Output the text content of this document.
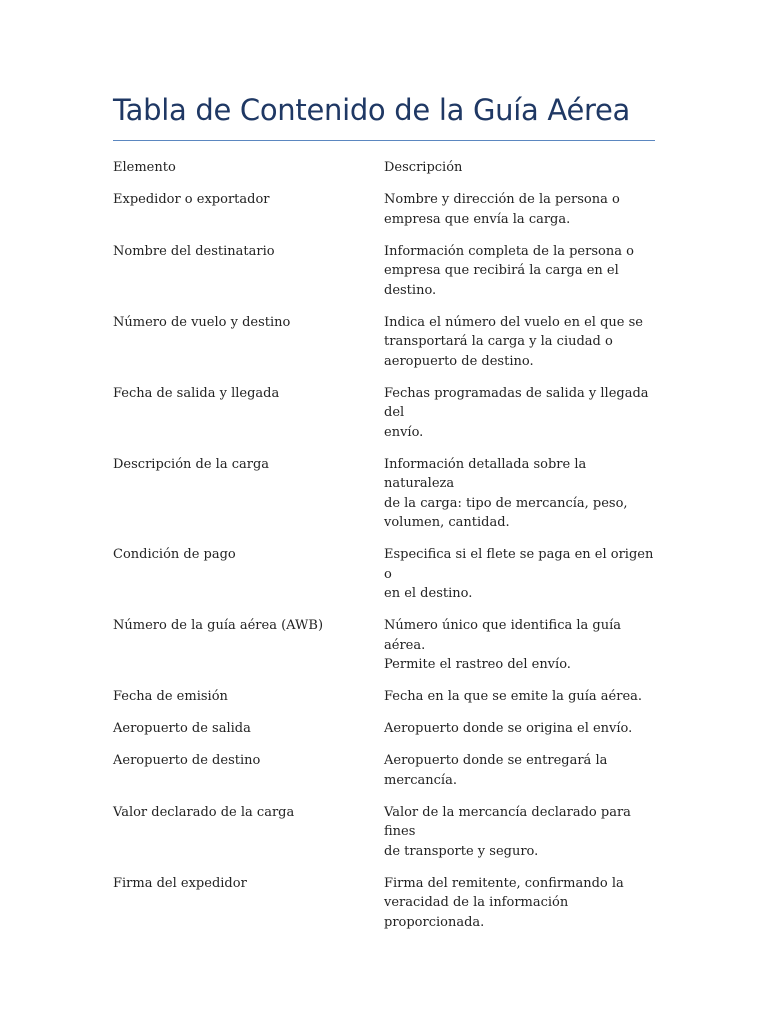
Tabla de Contenido de la Guía Aérea
Elemento	Descripción
Expedidor o exportador	Nombre y dirección de la persona o
empresa que envía la carga.
Nombre del destinatario	Información completa de la persona o
empresa que recibirá la carga en el destino.
Número de vuelo y destino	Indica el número del vuelo en el que se
transportará la carga y la ciudad o
aeropuerto de destino.
Fecha de salida y llegada	Fechas programadas de salida y llegada del
envío.
Descripción de la carga	Información detallada sobre la naturaleza
de la carga: tipo de mercancía, peso,
volumen, cantidad.
Condición de pago	Especifica si el flete se paga en el origen o
en el destino.
Número de la guía aérea (AWB)	Número único que identifica la guía aérea.
Permite el rastreo del envío.
Fecha de emisión	Fecha en la que se emite la guía aérea.
Aeropuerto de salida	Aeropuerto donde se origina el envío.
Aeropuerto de destino	Aeropuerto donde se entregará la
mercancía.
Valor declarado de la carga	Valor de la mercancía declarado para fines
de transporte y seguro.
Firma del expedidor	Firma del remitente, confirmando la
veracidad de la información proporcionada.
